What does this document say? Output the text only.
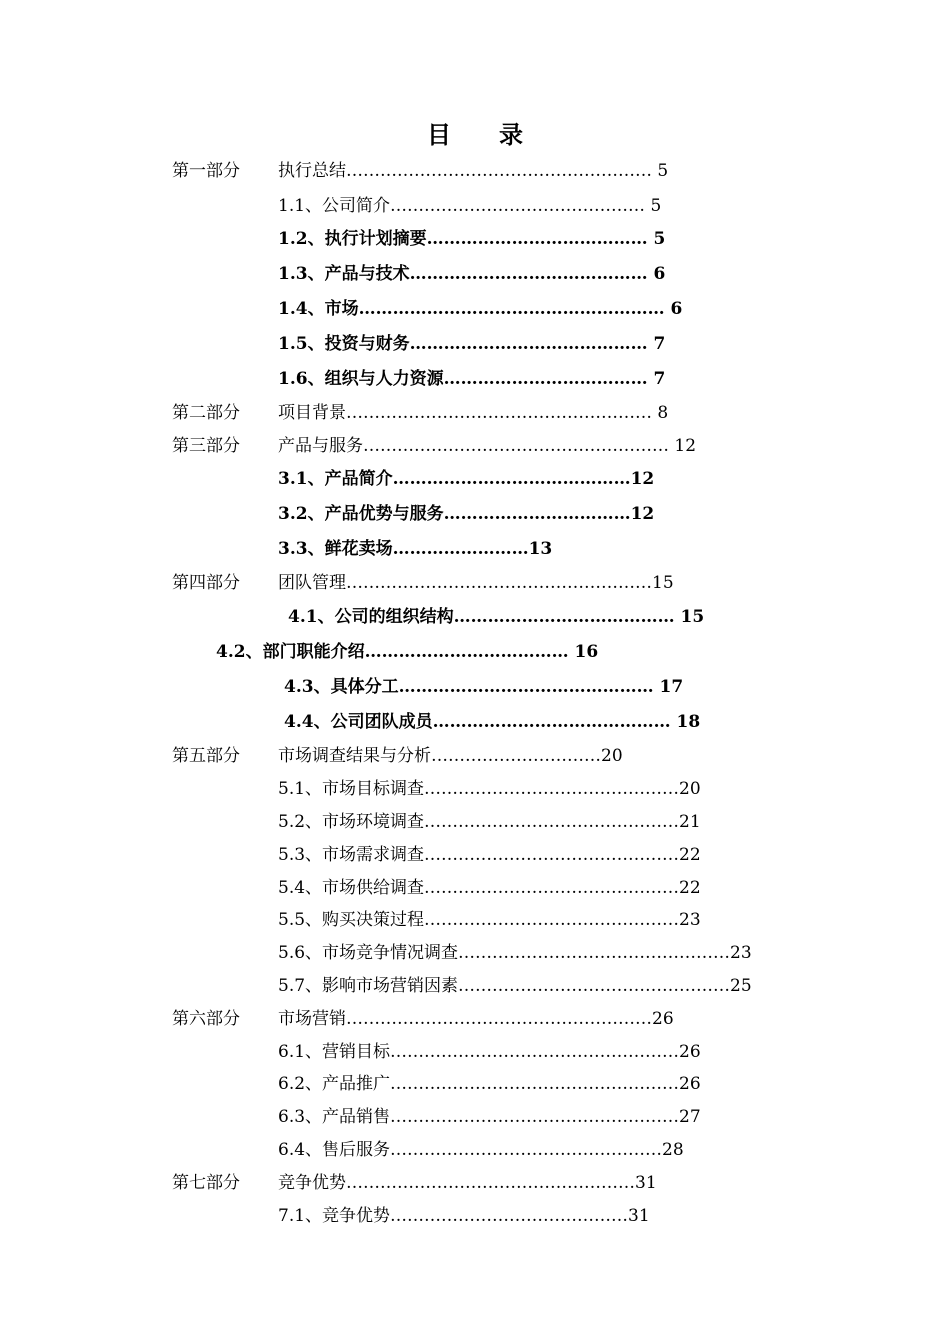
目 录
第一部分 执行总结……………………………………………… 5
1.1、公司简介……………………………………… 5
1.2、执行计划摘要………………………………… 5
1.3、产品与技术…………………………………… 6
1.4、市场……………………………………………… 6
1.5、投资与财务…………………………………… 7
1.6、组织与人力资源……………………………… 7
第二部分 项目背景……………………………………………… 8
第三部分 产品与服务……………………………………………… 12
3.1、产品简介……………………………………12
3.2、产品优势与服务……………………………12
3.3、鲜花卖场……………………13
第四部分 团队管理………………………………………………15
4.1、公司的组织结构………………………………… 15
4.2、部门职能介绍……………………………… 16
4.3、具体分工……………………………………… 17
4.4、公司团队成员…………………………………… 18
第五部分 市场调查结果与分析…………………………20
5.1、市场目标调查………………………………………20
5.2、市场环境调查………………………………………21
5.3、市场需求调查………………………………………22
5.4、市场供给调查………………………………………22
5.5、购买决策过程………………………………………23
5.6、市场竞争情况调查…………………………………………23
5.7、影响市场营销因素…………………………………………25
第六部分 市场营销………………………………………………26
6.1、营销目标……………………………………………26
6.2、产品推广……………………………………………26
6.3、产品销售……………………………………………27
6.4、售后服务…………………………………………28
第七部分 竞争优势……………………………………………31
7.1、竞争优势……………………………………31
